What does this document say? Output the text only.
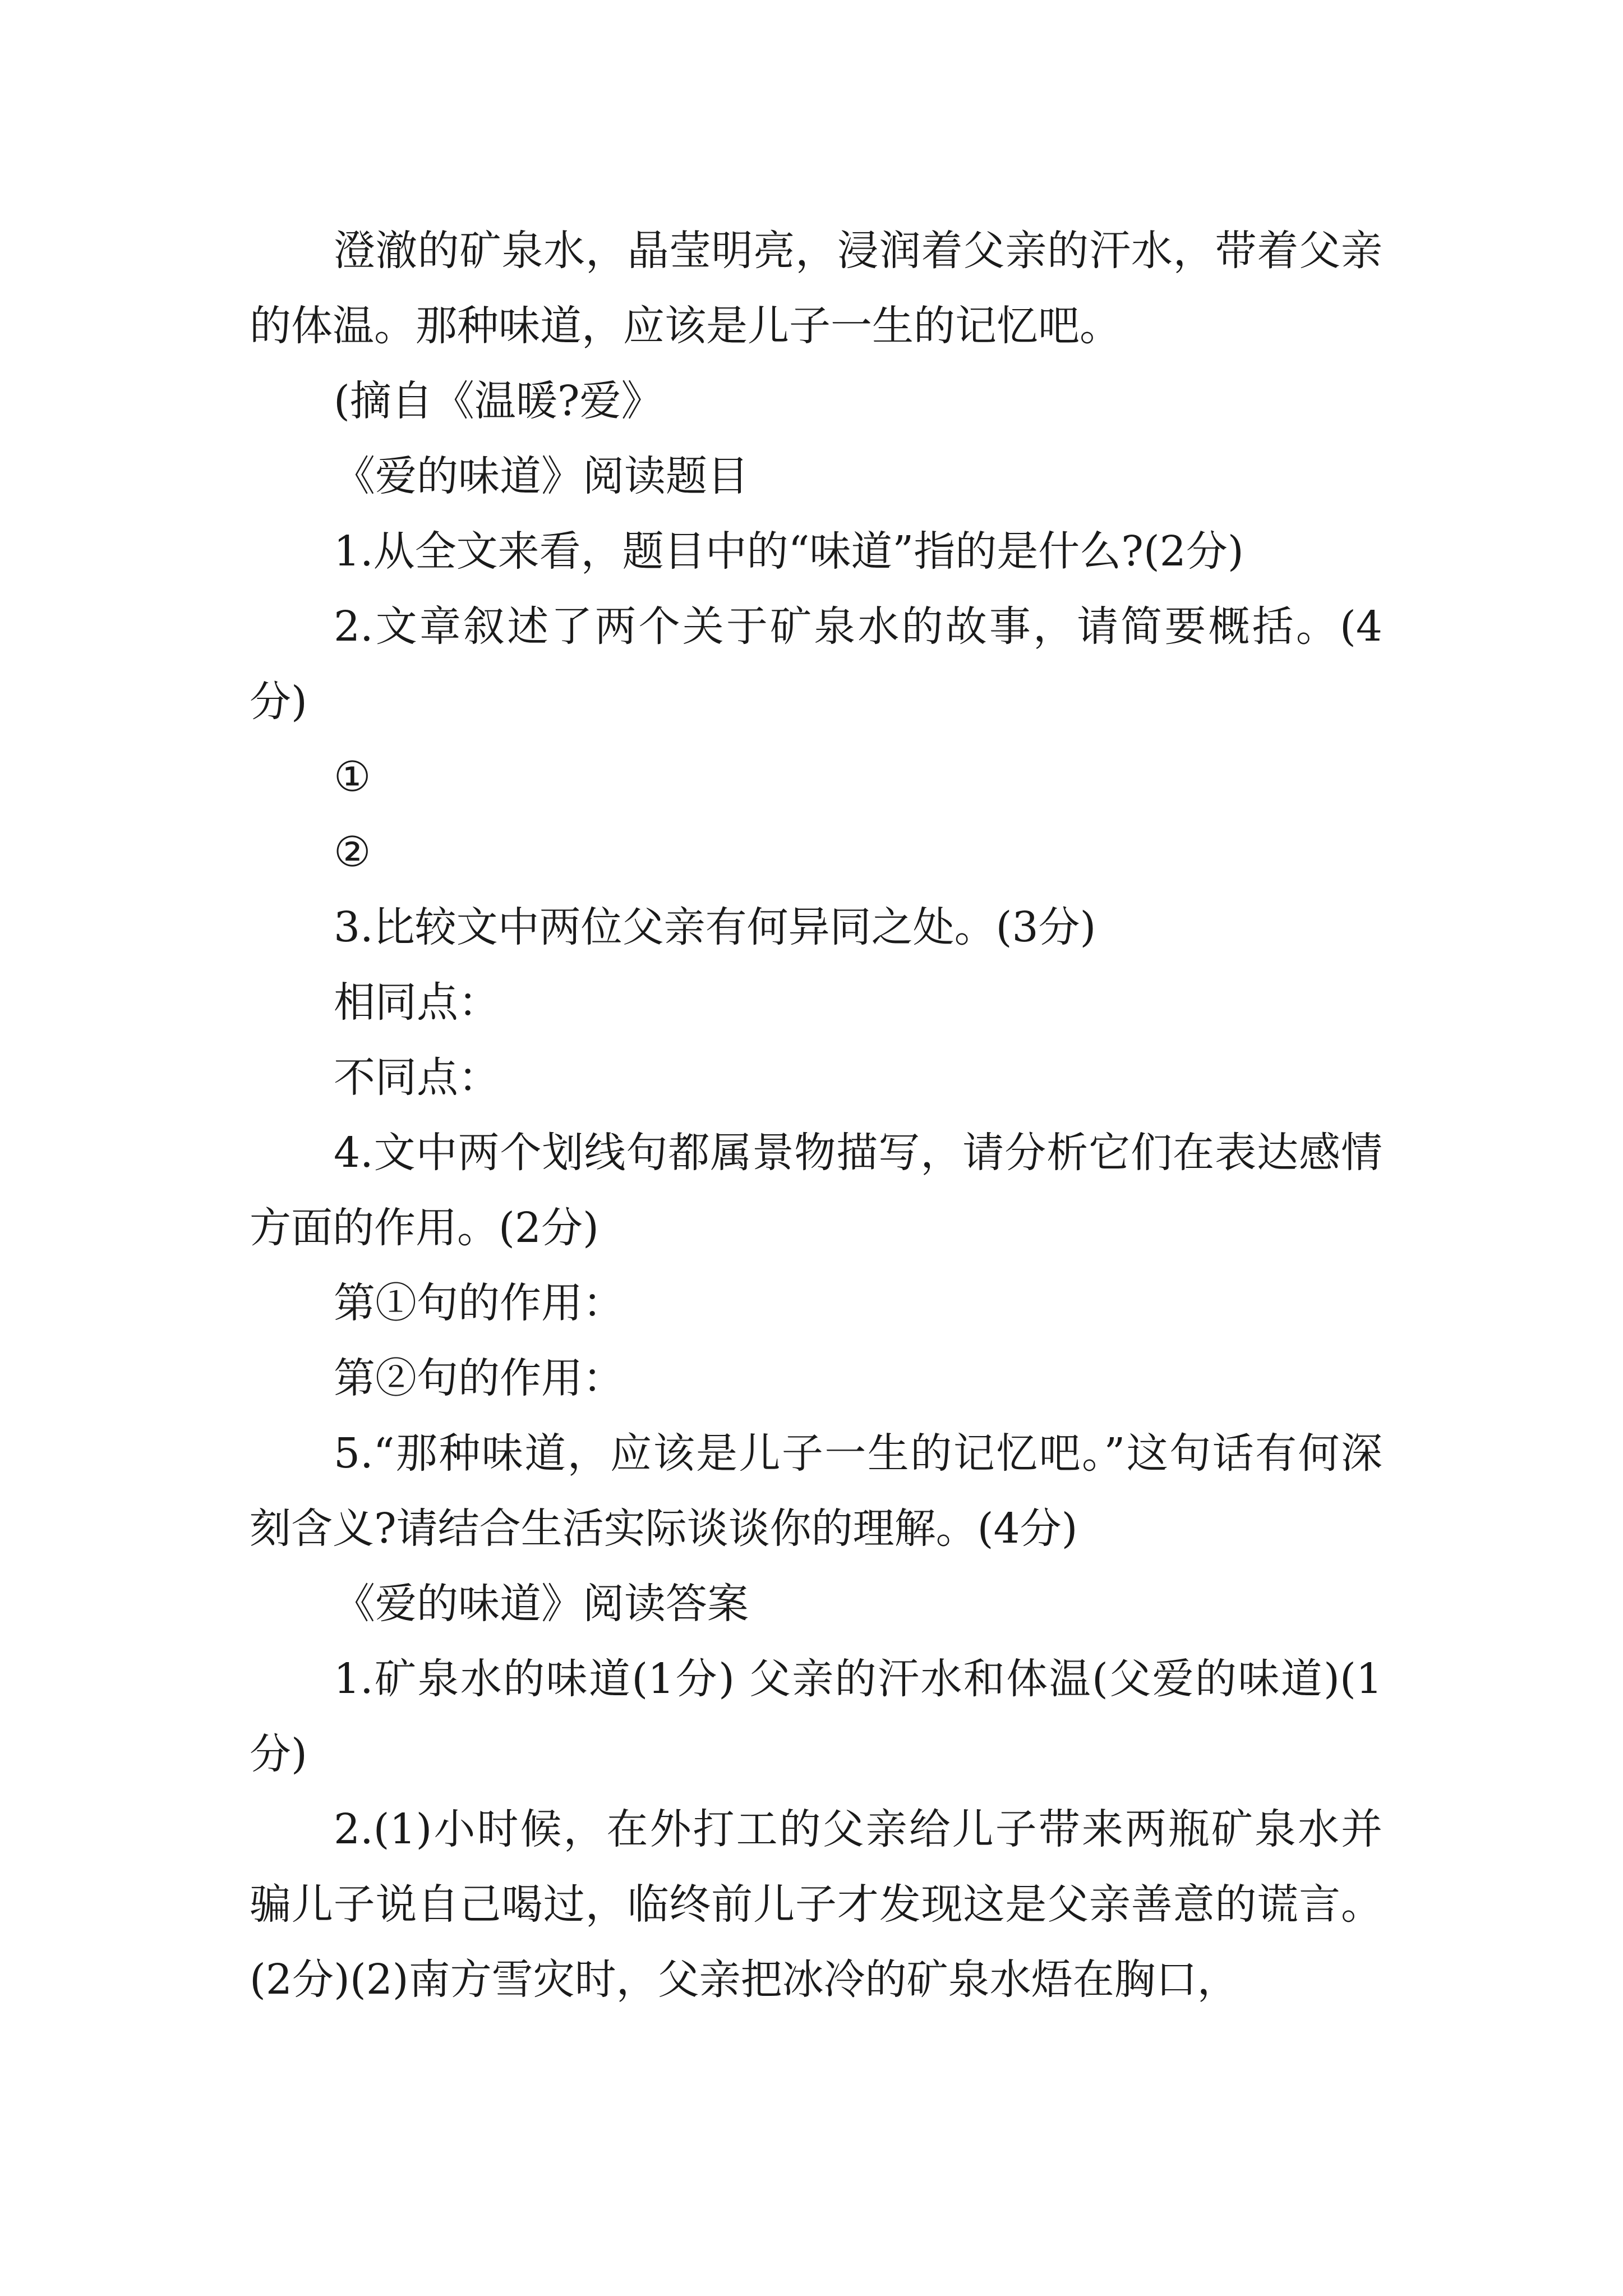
澄澈的矿泉水，晶莹明亮，浸润着父亲的汗水，带着父亲的体温。那种味道，应该是儿子一生的记忆吧。

(摘自《温暖?爱》

《爱的味道》阅读题目

1.从全文来看，题目中的“味道”指的是什么?(2分)

2.文章叙述了两个关于矿泉水的故事，请简要概括。(4分)

①

②

3.比较文中两位父亲有何异同之处。(3分)

相同点：

不同点：

4.文中两个划线句都属景物描写，请分析它们在表达感情方面的作用。(2分)

第①句的作用：

第②句的作用：

5.“那种味道，应该是儿子一生的记忆吧。”这句话有何深刻含义?请结合生活实际谈谈你的理解。(4分)

《爱的味道》阅读答案

1.矿泉水的味道(1分) 父亲的汗水和体温(父爱的味道)(1分)

2.(1)小时候，在外打工的父亲给儿子带来两瓶矿泉水并骗儿子说自己喝过，临终前儿子才发现这是父亲善意的谎言。(2分)(2)南方雪灾时，父亲把冰冷的矿泉水焐在胸口，
